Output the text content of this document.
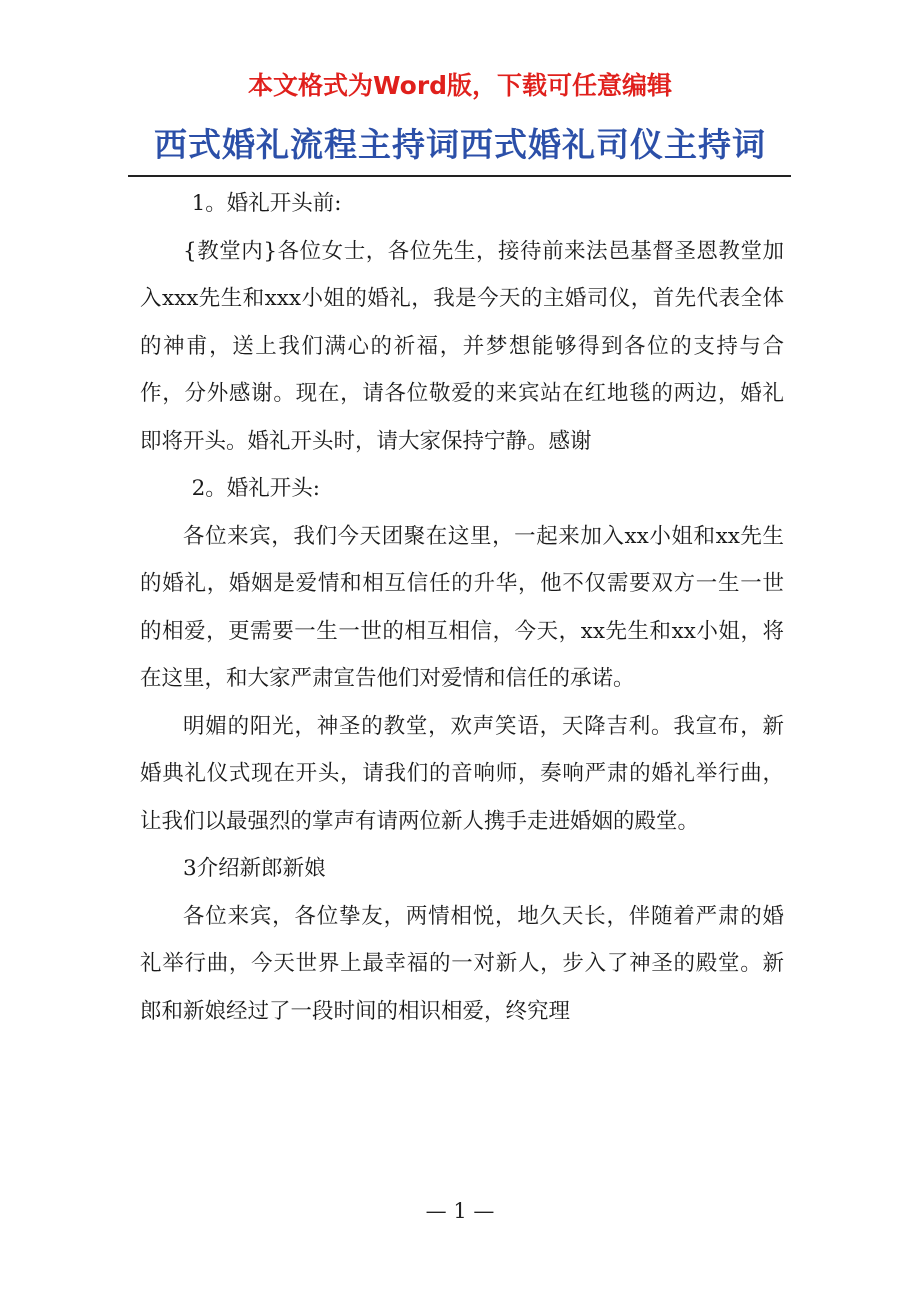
本文格式为Word版，下载可任意编辑
西式婚礼流程主持词西式婚礼司仪主持词

1。婚礼开头前:

{教堂内}各位女士，各位先生，接待前来法邑基督圣恩教堂加入xxx先生和xxx小姐的婚礼，我是今天的主婚司仪，首先代表全体的神甫，送上我们满心的祈福，并梦想能够得到各位的支持与合作，分外感谢。现在，请各位敬爱的来宾站在红地毯的两边，婚礼即将开头。婚礼开头时，请大家保持宁静。感谢

2。婚礼开头:

各位来宾，我们今天团聚在这里，一起来加入xx小姐和xx先生的婚礼，婚姻是爱情和相互信任的升华，他不仅需要双方一生一世的相爱，更需要一生一世的相互相信，今天，xx先生和xx小姐，将在这里，和大家严肃宣告他们对爱情和信任的承诺。

明媚的阳光，神圣的教堂，欢声笑语，天降吉利。我宣布，新婚典礼仪式现在开头，请我们的音响师，奏响严肃的婚礼举行曲，让我们以最强烈的掌声有请两位新人携手走进婚姻的殿堂。

3介绍新郎新娘

各位来宾，各位挚友，两情相悦，地久天长，伴随着严肃的婚礼举行曲，今天世界上最幸福的一对新人，步入了神圣的殿堂。新郎和新娘经过了一段时间的相识相爱，终究理

— 1 —
